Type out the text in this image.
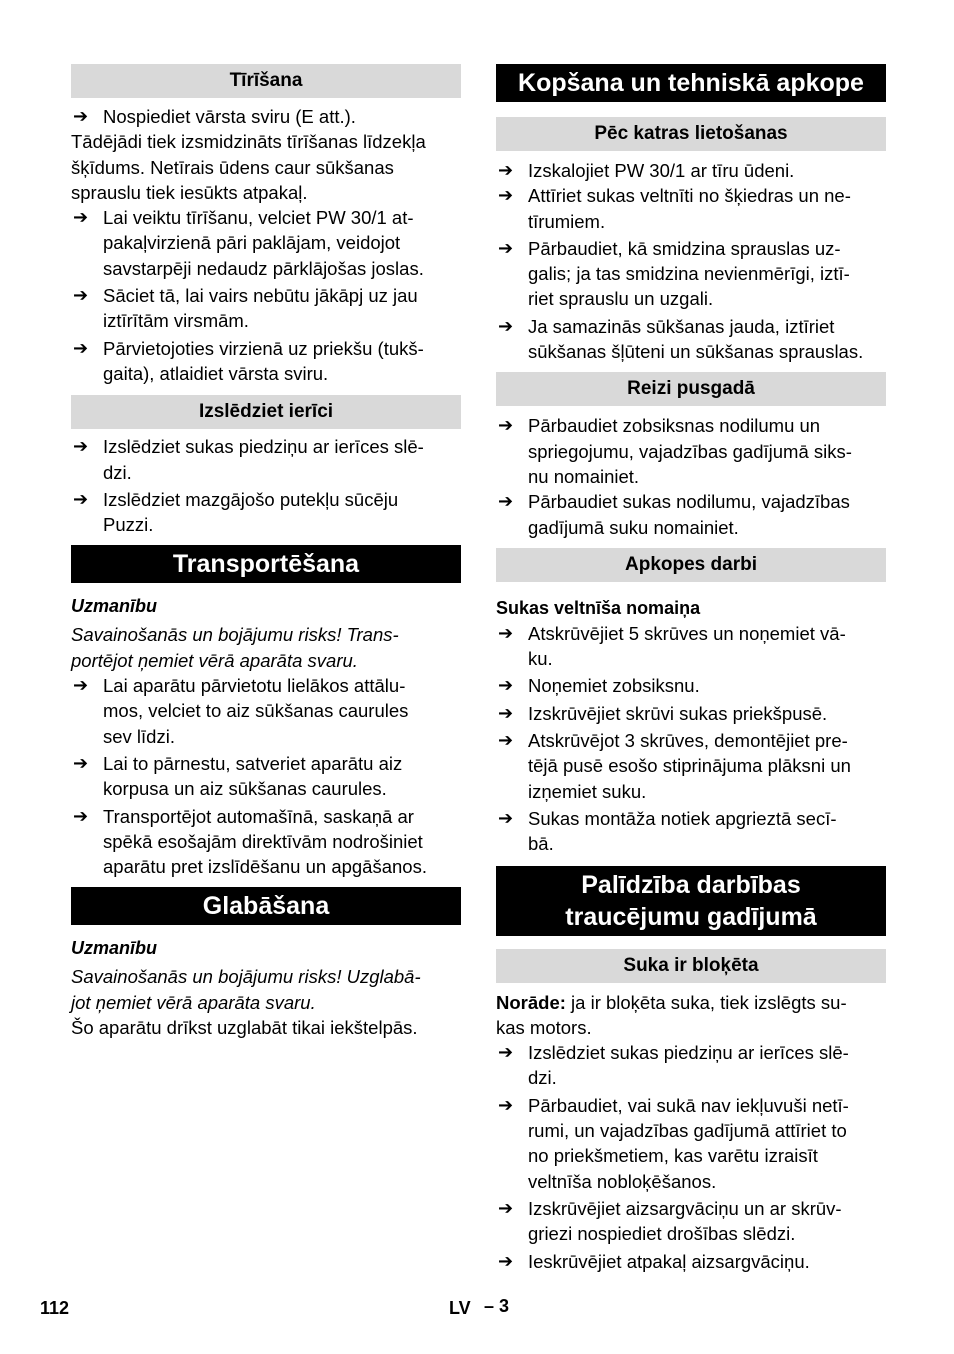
Tīrīšana
➔ Nospiediet vārsta sviru (E att.).
Tādējādi tiek izsmidzināts tīrīšanas līdzekļa
šķīdums. Netīrais ūdens caur sūkšanas
sprauslu tiek iesūkts atpakaļ.
➔ Lai veiktu tīrīšanu, velciet PW 30/1 at-
pakaļvirzienā pāri paklājam, veidojot
savstarpēji nedaudz pārklājošas joslas.
➔ Sāciet tā, lai vairs nebūtu jākāpj uz jau
iztīrītām virsmām.
➔ Pārvietojoties virzienā uz priekšu (tukš-
gaita), atlaidiet vārsta sviru.
Izslēdziet ierīci
➔ Izslēdziet sukas piedziņu ar ierīces slē-
dzi.
➔ Izslēdziet mazgājošo putekļu sūcēju
Puzzi.
Transportēšana
Uzmanību
Savainošanās un bojājumu risks! Trans-
portējot ņemiet vērā aparāta svaru.
➔ Lai aparātu pārvietotu lielākos attālu-
mos, velciet to aiz sūkšanas caurules
sev līdzi.
➔ Lai to pārnestu, satveriet aparātu aiz
korpusa un aiz sūkšanas caurules.
➔ Transportējot automašīnā, saskaņā ar
spēkā esošajām direktīvām nodrošiniet
aparātu pret izslīdēšanu un apgāšanos.
Glabāšana
Uzmanību
Savainošanās un bojājumu risks! Uzglabā-
jot ņemiet vērā aparāta svaru.
Šo aparātu drīkst uzglabāt tikai iekštelpās.
Kopšana un tehniskā apkope
Pēc katras lietošanas
➔ Izskalojiet PW 30/1 ar tīru ūdeni.
➔ Attīriet sukas veltnīti no šķiedras un ne-
tīrumiem.
➔ Pārbaudiet, kā smidzina sprauslas uz-
galis; ja tas smidzina nevienmērīgi, iztī-
riet sprauslu un uzgali.
➔ Ja samazinās sūkšanas jauda, iztīriet
sūkšanas šļūteni un sūkšanas sprauslas.
Reizi pusgadā
➔ Pārbaudiet zobsiksnas nodilumu un
spriegojumu, vajadzības gadījumā siks-
nu nomainiet.
➔ Pārbaudiet sukas nodilumu, vajadzības
gadījumā suku nomainiet.
Apkopes darbi
Sukas veltnīša nomaiņa
➔ Atskrūvējiet 5 skrūves un noņemiet vā-
ku.
➔ Noņemiet zobsiksnu.
➔ Izskrūvējiet skrūvi sukas priekšpusē.
➔ Atskrūvējot 3 skrūves, demontējiet pre-
tējā pusē esošo stiprinājuma plāksni un
izņemiet suku.
➔ Sukas montāža notiek apgrieztā secī-
bā.
Palīdzība darbības
traucējumu gadījumā
Suka ir bloķēta
Norāde: ja ir bloķēta suka, tiek izslēgts su-
kas motors.
➔ Izslēdziet sukas piedziņu ar ierīces slē-
dzi.
➔ Pārbaudiet, vai sukā nav iekļuvuši netī-
rumi, un vajadzības gadījumā attīriet to
no priekšmetiem, kas varētu izraisīt
veltnīša nobloķēšanos.
➔ Izskrūvējiet aizsargvāciņu un ar skrūv-
griezi nospiediet drošības slēdzi.
➔ Ieskrūvējiet atpakaļ aizsargvāciņu.
112	LV – 3
